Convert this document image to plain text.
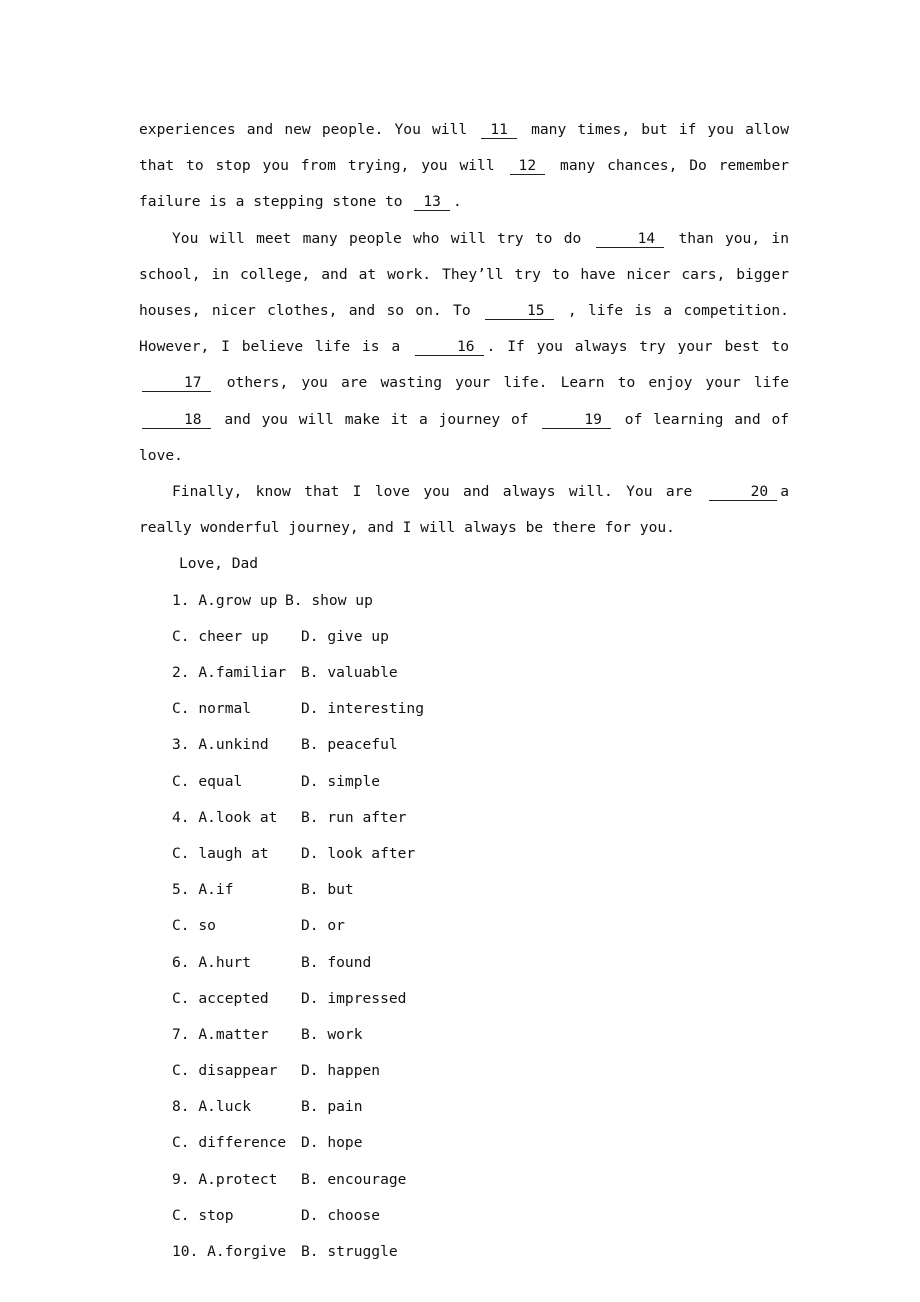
experiences and new people. You will 11 many times, but if you allow that to stop you from trying, you will 12 many chances, Do remember failure is a stepping stone to 13 .

You will meet many people who will try to do	14 than you, in school, in college, and at work. They’ll try to have nicer cars, bigger houses, nicer clothes, and so on. To	15 , life is a competition. However, I believe life is a	16 . If you always try your best to 17 others, you are wasting your life. Learn to enjoy your life 18 and you will make it a journey of	19 of learning and of love.

Finally, know that I love you and always will. You are	20 a really wonderful journey, and I will always be there for you.

Love, Dad
1. A.grow up B. show up
C. cheer up	D. give up
2. A.familiar	B. valuable
C. normal	D. interesting
3. A.unkind	B. peaceful
C. equal	D. simple
4. A.look at	B. run after
C. laugh at	D. look after
5. A.if	B. but
C. so	D. or
6. A.hurt	B. found
C. accepted	D. impressed
7. A.matter	B. work
C. disappear	D. happen
8. A.luck	B. pain
C. difference	D. hope
9. A.protect	B. encourage
C. stop	D. choose
10. A.forgive	B. struggle
